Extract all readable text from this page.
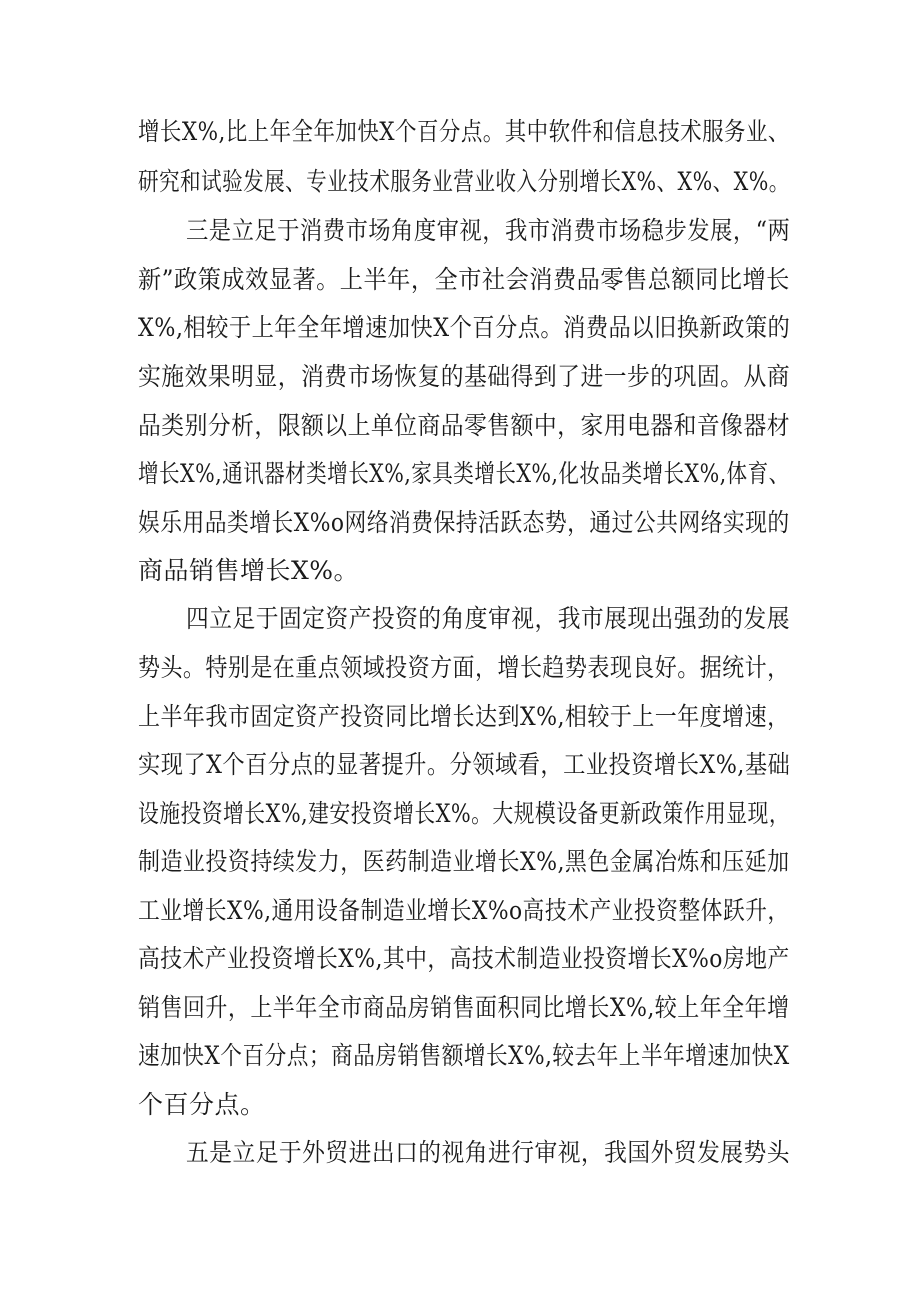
增长X%,比上年全年加快X个百分点。其中软件和信息技术服务业、

研究和试验发展、专业技术服务业营业收入分别增长X%、X%、X%。

三是立足于消费市场角度审视，我市消费市场稳步发展，“两

新”政策成效显著。上半年，全市社会消费品零售总额同比增长

X%,相较于上年全年增速加快X个百分点。消费品以旧换新政策的

实施效果明显，消费市场恢复的基础得到了进一步的巩固。从商

品类别分析，限额以上单位商品零售额中，家用电器和音像器材

增长X%,通讯器材类增长X%,家具类增长X%,化妆品类增长X%,体育、

娱乐用品类增长X%o网络消费保持活跃态势，通过公共网络实现的

商品销售增长X%。

四立足于固定资产投资的角度审视，我市展现出强劲的发展

势头。特别是在重点领域投资方面，增长趋势表现良好。据统计，

上半年我市固定资产投资同比增长达到X%,相较于上一年度增速，

实现了X个百分点的显著提升。分领域看，工业投资增长X%,基础

设施投资增长X%,建安投资增长X%。大规模设备更新政策作用显现，

制造业投资持续发力，医药制造业增长X%,黑色金属冶炼和压延加

工业增长X%,通用设备制造业增长X%o高技术产业投资整体跃升，

高技术产业投资增长X%,其中，高技术制造业投资增长X%o房地产

销售回升，上半年全市商品房销售面积同比增长X%,较上年全年增

速加快X个百分点；商品房销售额增长X%,较去年上半年增速加快X

个百分点。

五是立足于外贸进出口的视角进行审视，我国外贸发展势头
